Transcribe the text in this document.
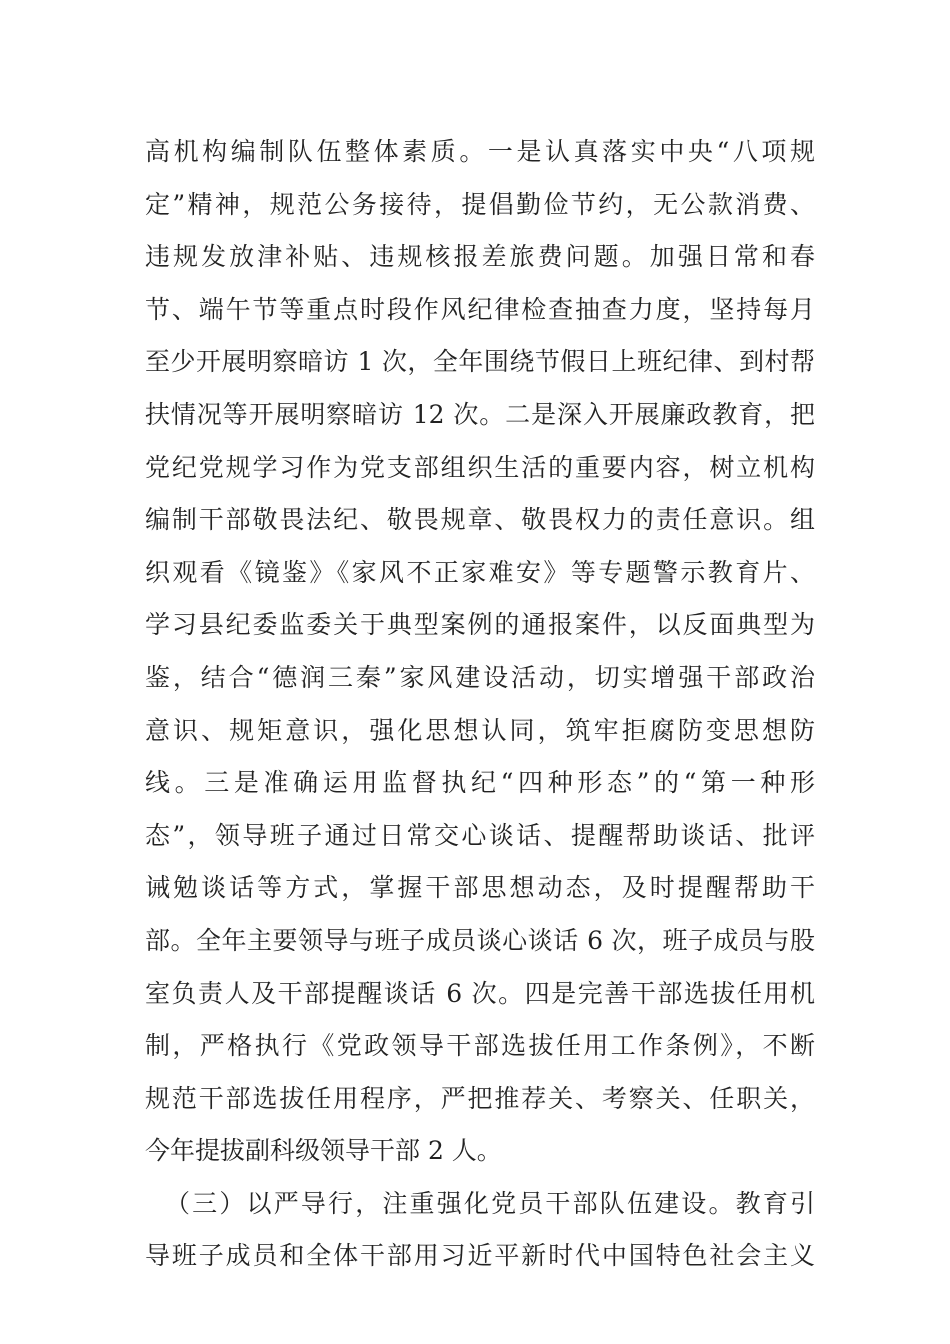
高机构编制队伍整体素质。一是认真落实中央“八项规
定”精神，规范公务接待，提倡勤俭节约，无公款消费、
违规发放津补贴、违规核报差旅费问题。加强日常和春
节、端午节等重点时段作风纪律检查抽查力度，坚持每月
至少开展明察暗访 1 次，全年围绕节假日上班纪律、到村帮
扶情况等开展明察暗访 12 次。二是深入开展廉政教育，把
党纪党规学习作为党支部组织生活的重要内容，树立机构
编制干部敬畏法纪、敬畏规章、敬畏权力的责任意识。组
织观看《镜鉴》《家风不正家难安》等专题警示教育片、
学习县纪委监委关于典型案例的通报案件，以反面典型为
鉴，结合“德润三秦”家风建设活动，切实增强干部政治
意识、规矩意识，强化思想认同，筑牢拒腐防变思想防
线。三是准确运用监督执纪“四种形态”的“第一种形
态”，领导班子通过日常交心谈话、提醒帮助谈话、批评
诫勉谈话等方式，掌握干部思想动态，及时提醒帮助干
部。全年主要领导与班子成员谈心谈话 6 次，班子成员与股
室负责人及干部提醒谈话 6 次。四是完善干部选拔任用机
制，严格执行《党政领导干部选拔任用工作条例》，不断
规范干部选拔任用程序，严把推荐关、考察关、任职关，
今年提拔副科级领导干部 2 人。
（三）以严导行，注重强化党员干部队伍建设。教育引
导班子成员和全体干部用习近平新时代中国特色社会主义
